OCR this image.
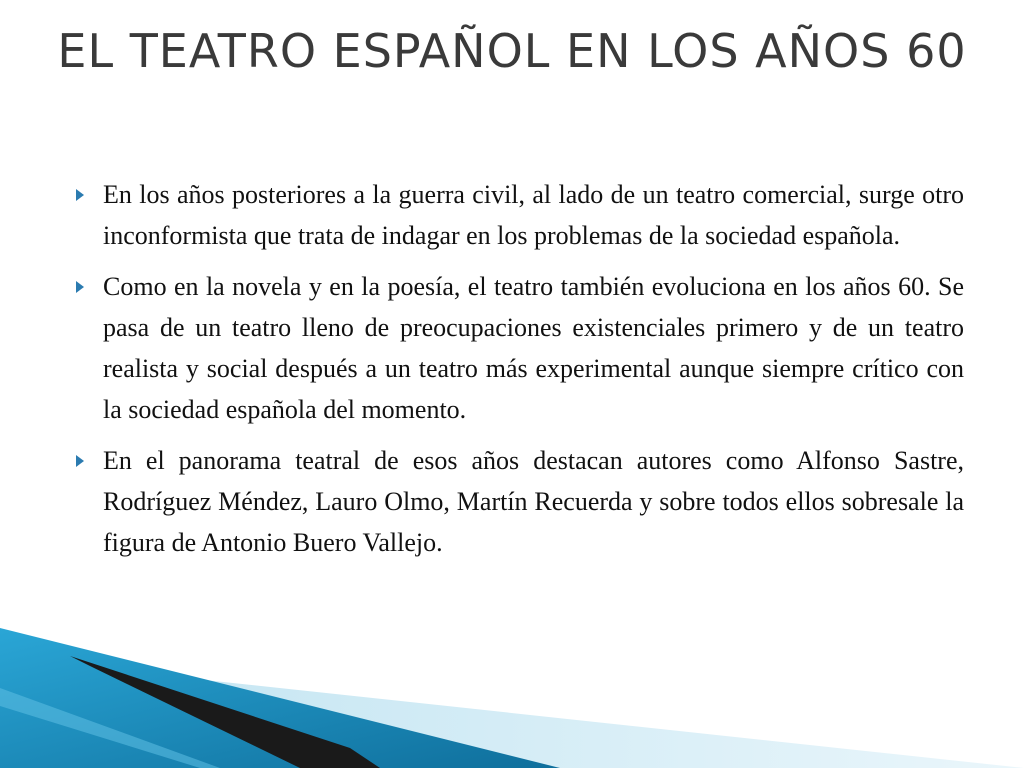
EL TEATRO ESPAÑOL EN LOS AÑOS 60
En los años posteriores a la guerra civil, al lado de un teatro comercial, surge otro inconformista que trata de indagar en los problemas de la sociedad española.
Como en la novela y en la poesía, el teatro también evoluciona en los años 60. Se pasa de un teatro lleno de preocupaciones existenciales primero y de un teatro realista y social después a un teatro más experimental aunque siempre crítico con la sociedad española del momento.
En el panorama teatral de esos años destacan autores como Alfonso Sastre, Rodríguez Méndez, Lauro Olmo, Martín Recuerda y sobre todos ellos sobresale la figura de Antonio Buero Vallejo.
